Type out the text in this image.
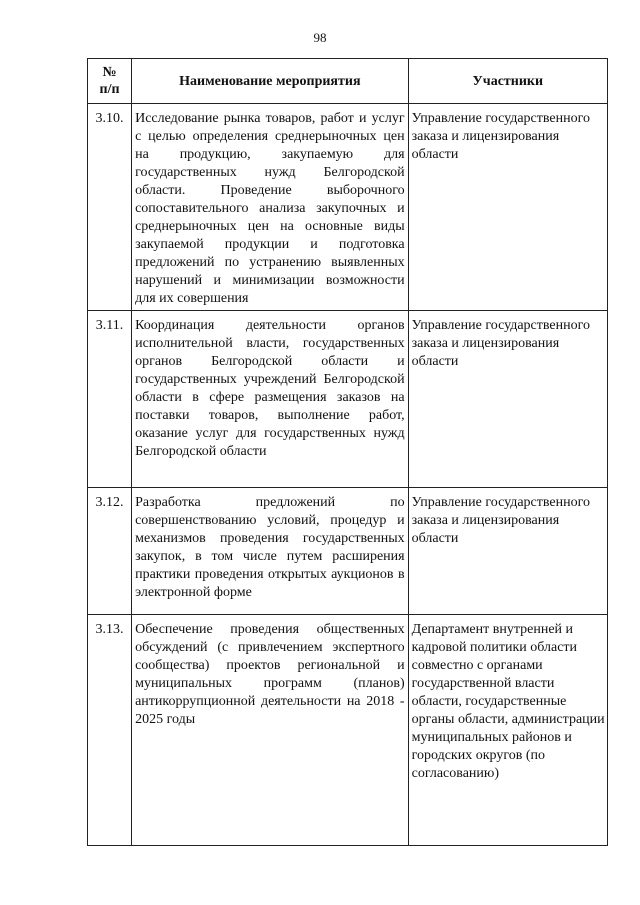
98
№
п/п	Наименование мероприятия	Участники
3.10.	Исследование рынка товаров, работ и услуг с целью определения среднерыночных цен на продукцию, закупаемую для государственных нужд Белгородской области. Проведение выборочного сопоставительного анализа закупочных и среднерыночных цен на основные виды закупаемой продукции и подготовка предложений по устранению выявленных нарушений и минимизации возможности для их совершения	Управление государственного заказа и лицензирования области
3.11.	Координация деятельности органов исполнительной власти, государственных органов Белгородской области и государственных учреждений Белгородской области в сфере размещения заказов на поставки товаров, выполнение работ, оказание услуг для государственных нужд Белгородской области	Управление государственного заказа и лицензирования области
3.12.	Разработка предложений по совершенствованию условий, процедур и механизмов проведения государственных закупок, в том числе путем расширения практики проведения открытых аукционов в электронной форме	Управление государственного заказа и лицензирования области
3.13.	Обеспечение проведения общественных обсуждений (с привлечением экспертного сообщества) проектов региональной и муниципальных программ (планов) антикоррупционной деятельности на 2018 - 2025 годы	Департамент внутренней и кадровой политики области совместно с органами государственной власти области, государственные органы области, администрации муниципальных районов и городских округов (по согласованию)
